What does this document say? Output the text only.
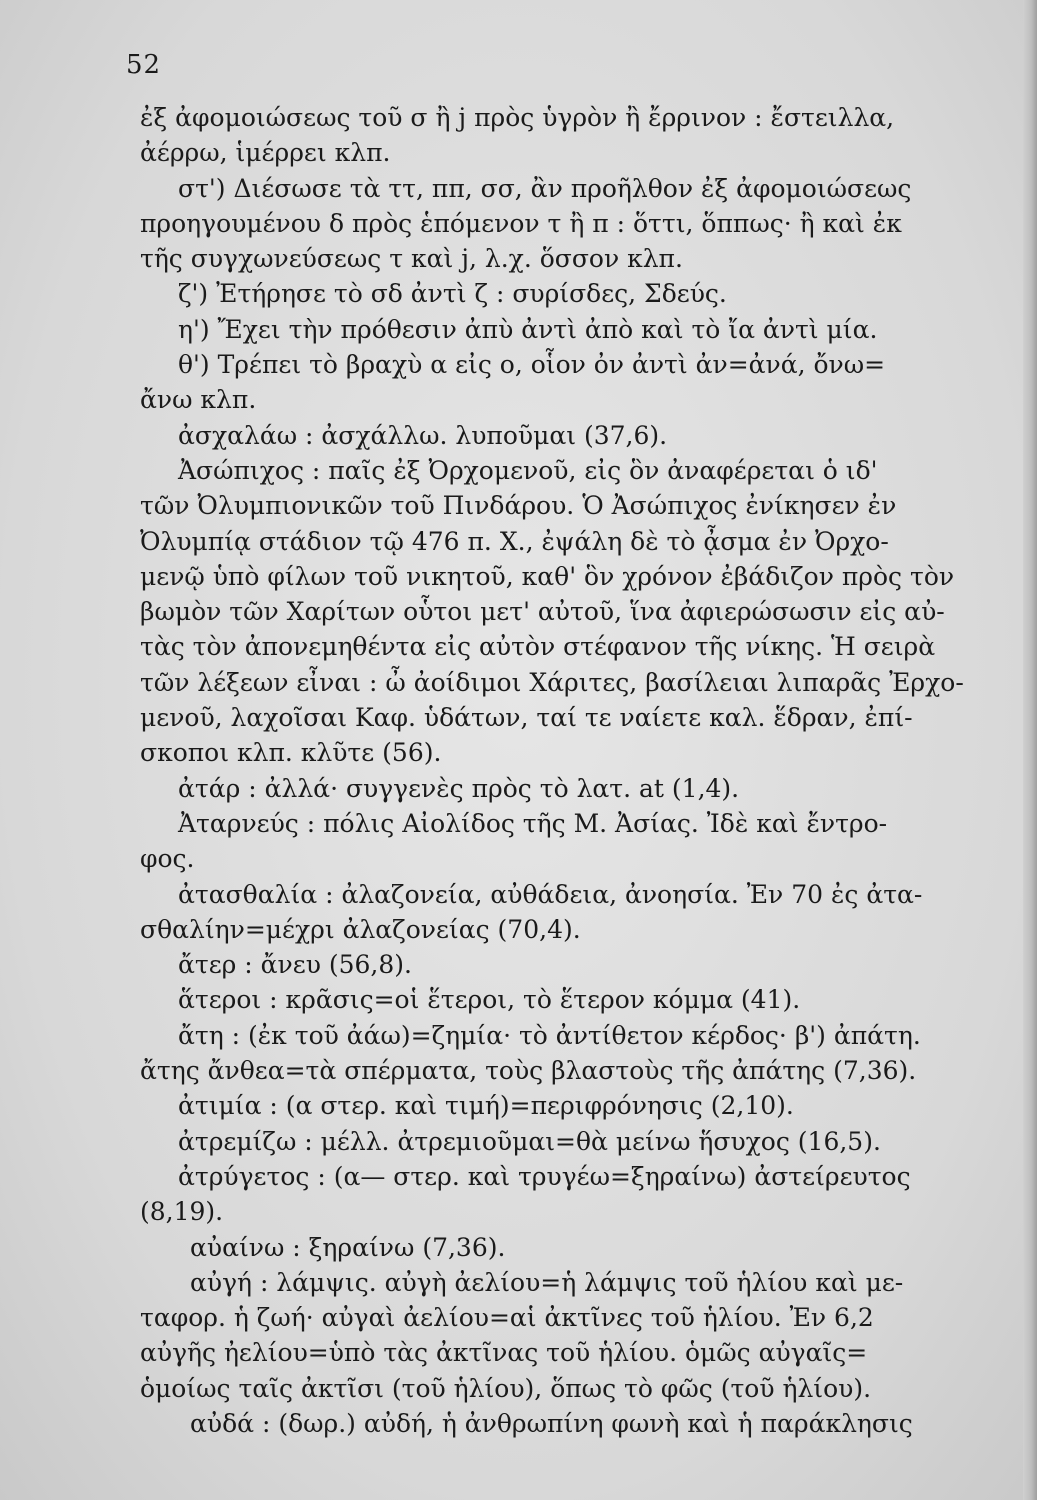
52
ἐξ ἀφομοιώσεως τοῦ σ ἢ j πρὸς ὑγρὸν ἢ ἔρρινον : ἔστειλλα,
ἀέρρω, ἱμέρρει κλπ.
στ') Διέσωσε τὰ ττ, ππ, σσ, ἂν προῆλθον ἐξ ἀφομοιώσεως
προηγουμένου δ πρὸς ἑπόμενον τ ἢ π : ὅττι, ὅππως· ἢ καὶ ἐκ
τῆς συγχωνεύσεως τ καὶ j, λ.χ. ὅσσον κλπ.
ζ') Ἐτήρησε τὸ σδ ἀντὶ ζ : συρίσδες, Σδεύς.
η') Ἔχει τὴν πρόθεσιν ἀπὺ ἀντὶ ἀπὸ καὶ τὸ ἴα ἀντὶ μία.
θ') Τρέπει τὸ βραχὺ α εἰς ο, οἷον ὀν ἀντὶ ἀν=ἀνά, ὄνω=
ἄνω κλπ.
ἀσχαλάω : ἀσχάλλω. λυποῦμαι (37,6).
Ἀσώπιχος : παῖς ἐξ Ὀρχομενοῦ, εἰς ὃν ἀναφέρεται ὁ ιδ'
τῶν Ὀλυμπιονικῶν τοῦ Πινδάρου. Ὁ Ἀσώπιχος ἐνίκησεν ἐν
Ὀλυμπίᾳ στάδιον τῷ 476 π. Χ., ἐψάλη δὲ τὸ ᾆσμα ἐν Ὀρχο-
μενῷ ὑπὸ φίλων τοῦ νικητοῦ, καθ' ὃν χρόνον ἐβάδιζον πρὸς τὸν
βωμὸν τῶν Χαρίτων οὗτοι μετ' αὐτοῦ, ἵνα ἀφιερώσωσιν εἰς αὐ-
τὰς τὸν ἀπονεμηθέντα εἰς αὐτὸν στέφανον τῆς νίκης. Ἡ σειρὰ
τῶν λέξεων εἶναι : ὦ ἀοίδιμοι Χάριτες, βασίλειαι λιπαρᾶς Ἐρχο-
μενοῦ, λαχοῖσαι Καφ. ὑδάτων, ταί τε ναίετε καλ. ἕδραν, ἐπί-
σκοποι κλπ. κλῦτε (56).
ἀτάρ : ἀλλά· συγγενὲς πρὸς τὸ λατ. at (1,4).
Ἀταρνεύς : πόλις Αἰολίδος τῆς Μ. Ἀσίας. Ἰδὲ καὶ ἔντρο-
φος.
ἀτασθαλία : ἀλαζονεία, αὐθάδεια, ἀνοησία. Ἐν 70 ἐς ἀτα-
σθαλίην=μέχρι ἀλαζονείας (70,4).
ἄτερ : ἄνευ (56,8).
ἅτεροι : κρᾶσις=οἱ ἕτεροι, τὸ ἕτερον κόμμα (41).
ἄτη : (ἐκ τοῦ ἀάω)=ζημία· τὸ ἀντίθετον κέρδος· β') ἀπάτη.
ἄτης ἄνθεα=τὰ σπέρματα, τοὺς βλαστοὺς τῆς ἀπάτης (7,36).
ἀτιμία : (α στερ. καὶ τιμή)=περιφρόνησις (2,10).
ἀτρεμίζω : μέλλ. ἀτρεμιοῦμαι=θὰ μείνω ἥσυχος (16,5).
ἀτρύγετος : (α— στερ. καὶ τρυγέω=ξηραίνω) ἀστείρευτος
(8,19).
αὐαίνω : ξηραίνω (7,36).
αὐγή : λάμψις. αὐγὴ ἀελίου=ἡ λάμψις τοῦ ἡλίου καὶ με-
ταφορ. ἡ ζωή· αὐγαὶ ἀελίου=αἱ ἀκτῖνες τοῦ ἡλίου. Ἐν 6,2
αὐγῆς ἠελίου=ὑπὸ τὰς ἀκτῖνας τοῦ ἡλίου. ὁμῶς αὐγαῖς=
ὁμοίως ταῖς ἀκτῖσι (τοῦ ἡλίου), ὅπως τὸ φῶς (τοῦ ἡλίου).
αὐδά : (δωρ.) αὐδή, ἡ ἀνθρωπίνη φωνὴ καὶ ἡ παράκλησις
